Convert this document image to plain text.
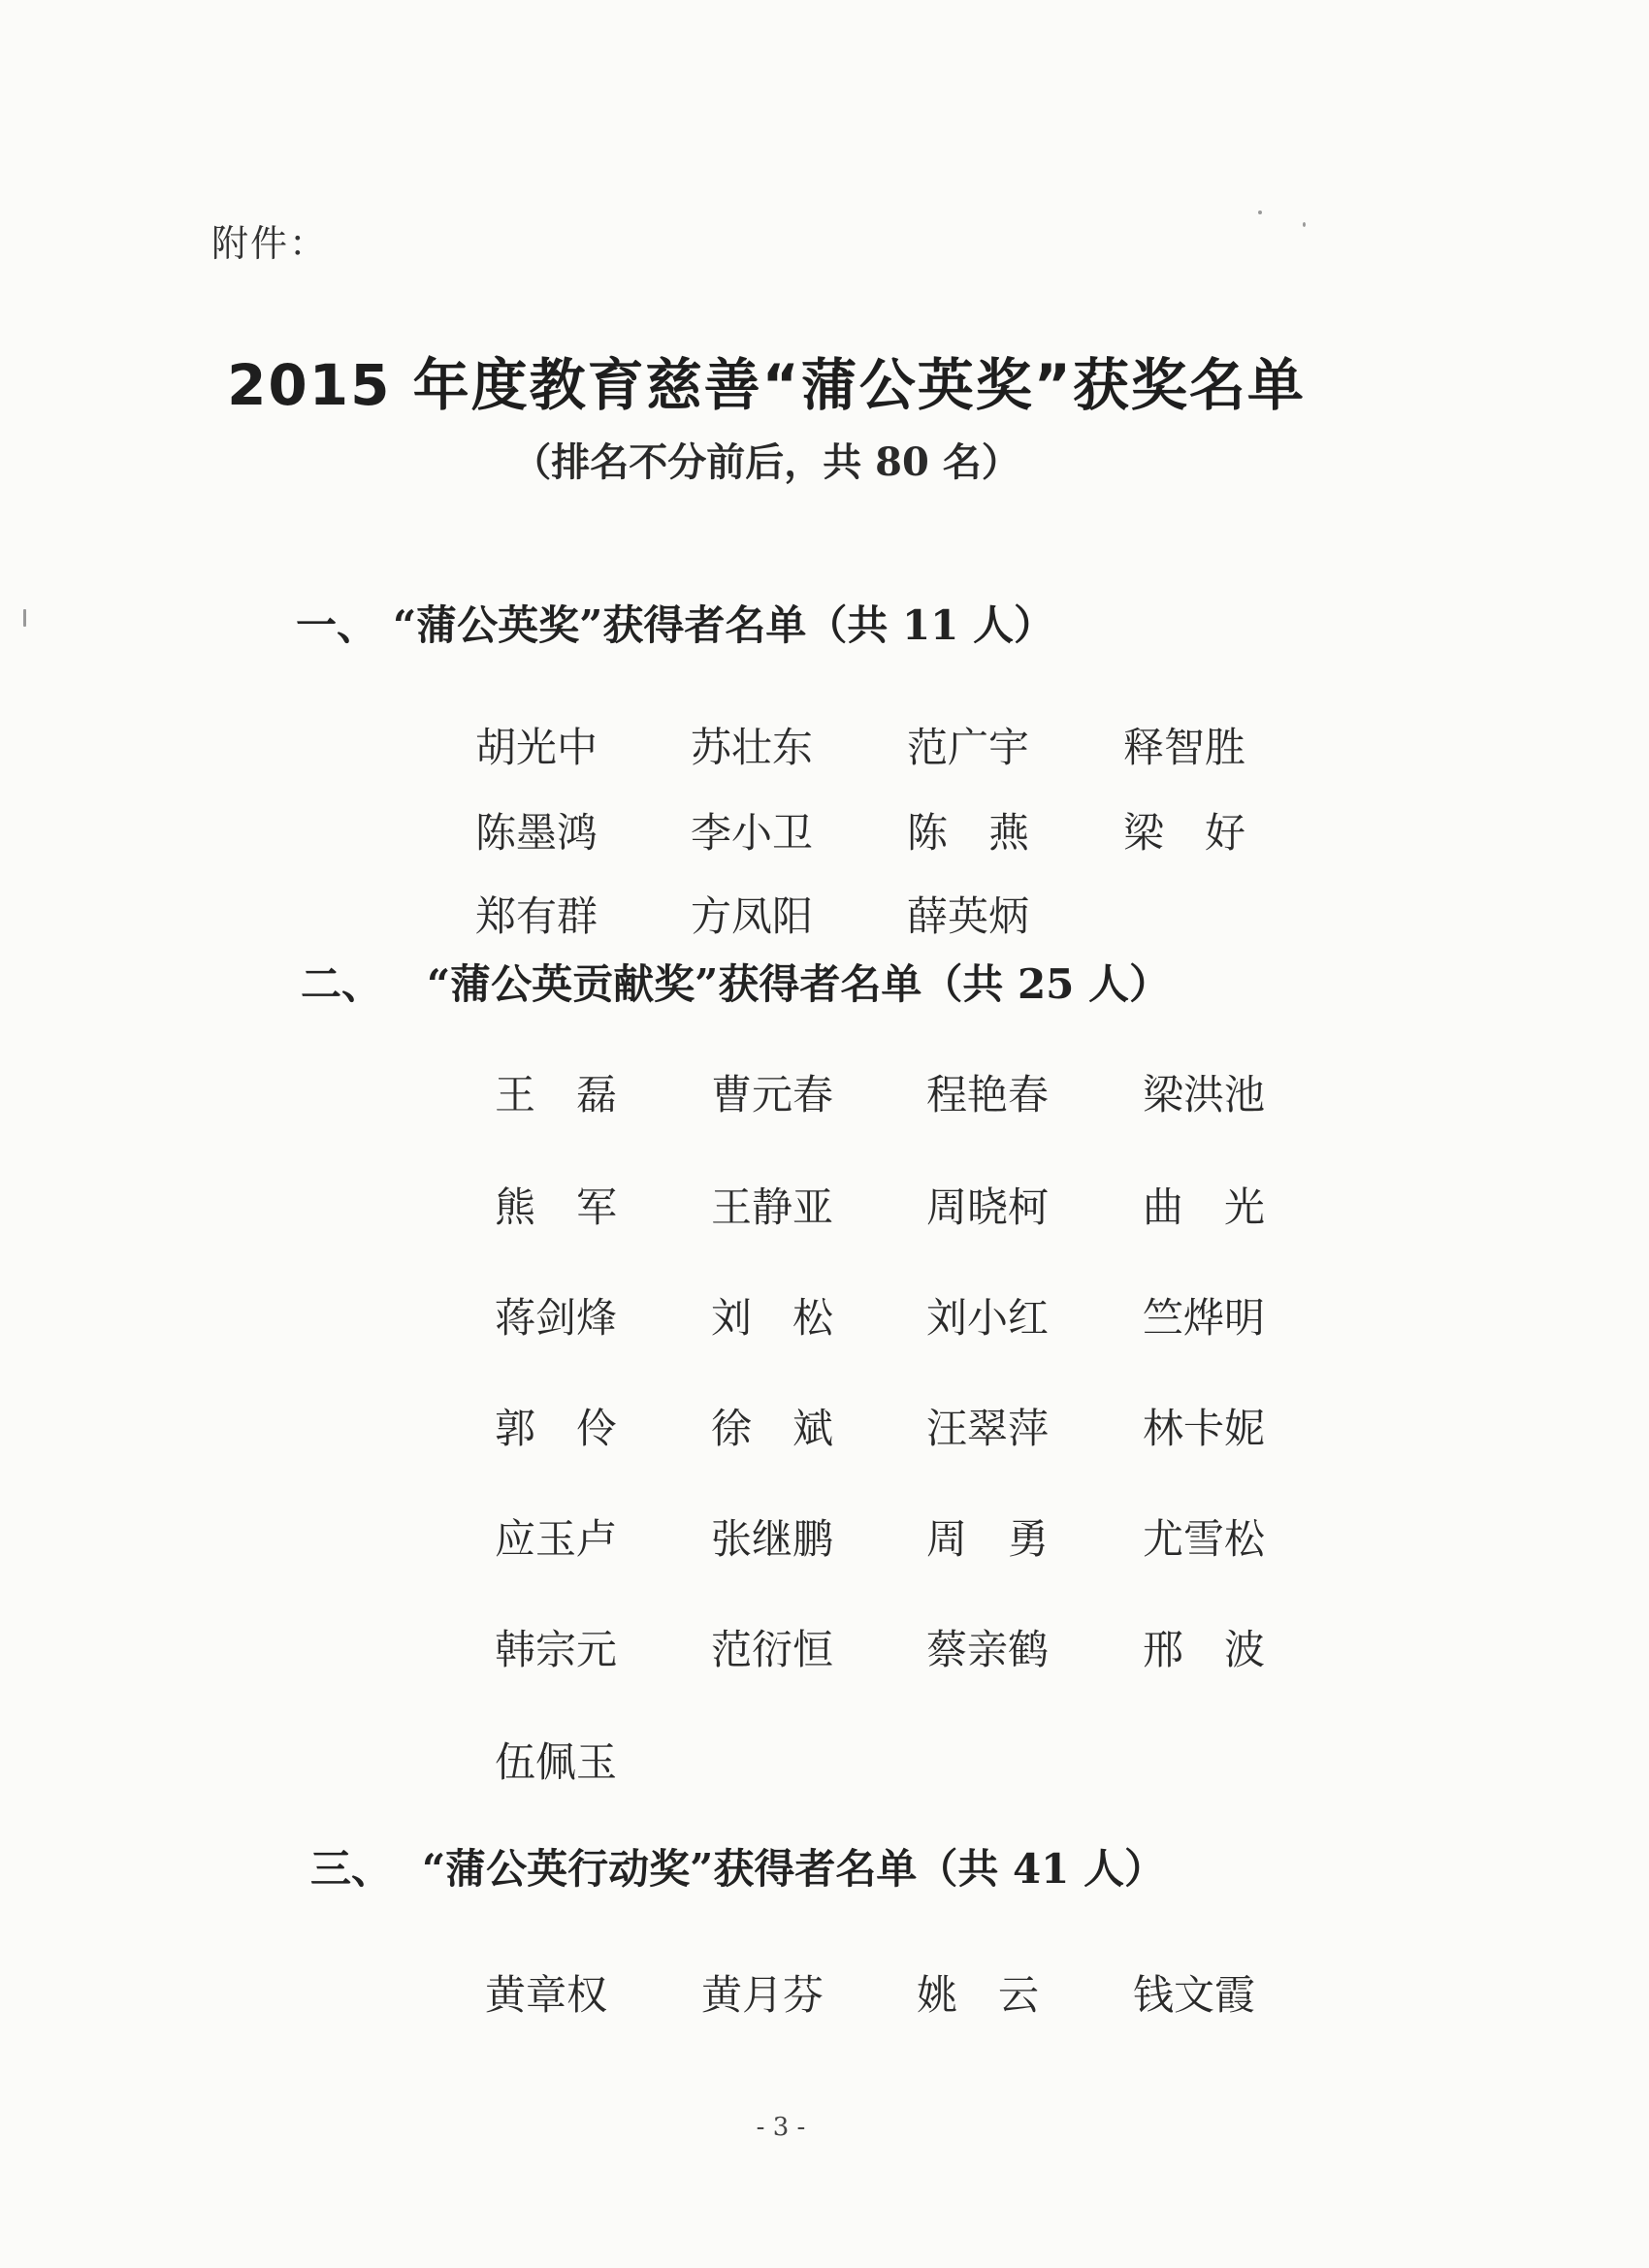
附件：
2015 年度教育慈善“蒲公英奖”获奖名单
（排名不分前后，共 80 名）
一、 “蒲公英奖”获得者名单（共 11 人）
胡光中 苏壮东 范广宇 释智胜
陈墨鸿 李小卫 陈　燕 梁　好
郑有群 方凤阳 薛英炳
二、 “蒲公英贡献奖”获得者名单（共 25 人）
王　磊 曹元春 程艳春 梁洪池
熊　军 王静亚 周晓柯 曲　光
蒋剑烽 刘　松 刘小红 竺烨明
郭　伶 徐　斌 汪翠萍 林卡妮
应玉卢 张继鹏 周　勇 尤雪松
韩宗元 范衍恒 蔡亲鹤 邢　波
伍佩玉
三、 “蒲公英行动奖”获得者名单（共 41 人）
黄章权 黄月芬 姚　云 钱文霞
- 3 -
